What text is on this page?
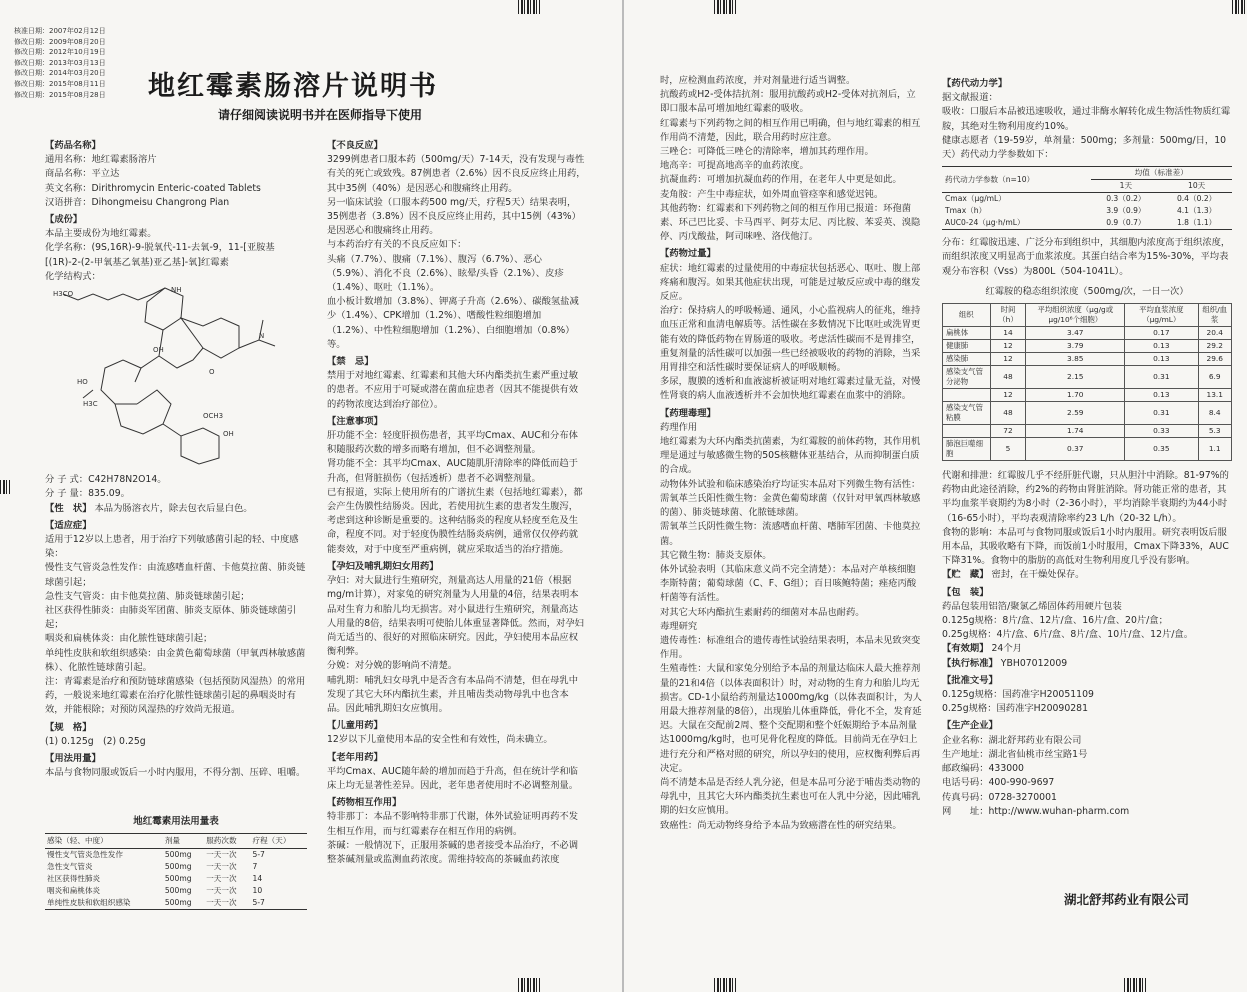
核准日期：2007年02月12日
修改日期：2009年08月20日
修改日期：2012年10月19日
修改日期：2013年03月13日
修改日期：2014年03月20日
修改日期：2015年08月11日
修改日期：2015年08月28日 地红霉素肠溶片说明书
请仔细阅读说明书并在医师指导下使用
【 药品名称 】

通用名称：地红霉素肠溶片

商品名称：平立达

英文名称：Dirithromycin Enteric-coated Tablets

汉语拼音：Dihongmeisu Changrong Pian

【 成份 】

本品主要成份为地红霉素。

化学名称：(9S,16R)-9-脱氧代-11-去氧-9，11-[亚胺基[(1R)-2-(2-甲氧基乙氧基)亚乙基]-氧]红霉素

化学结构式：

H3CO	NH
N
HO
OH
O
OH
H3C
OCH3

分 子 式：C42H78N2O14。

分 子 量：835.09。

【 性　状 】 本品为肠溶衣片，除去包衣后显白色。
【 适应症 】

适用于12岁以上患者，用于治疗下列敏感菌引起的轻、中度感染：

慢性支气管炎急性发作：由流感嗜血杆菌、卡他莫拉菌、肺炎链球菌引起；

急性支气管炎：由卡他莫拉菌、肺炎链球菌引起；

社区获得性肺炎：由肺炎军团菌、肺炎支原体、肺炎链球菌引起；

咽炎和扁桃体炎：由化脓性链球菌引起；

单纯性皮肤和软组织感染：由金黄色葡萄球菌（甲氧西林敏感菌株）、化脓性链球菌引起。

注：青霉素是治疗和预防链球菌感染（包括预防风湿热）的常用药，一般说来地红霉素在治疗化脓性链球菌引起的鼻咽炎时有效，并能根除；对预防风湿热的疗效尚无报道。

【 规　格 】

(1) 0.125g　(2) 0.25g

【 用法用量 】

本品与食物同服或饭后一小时内服用，不得分割、压碎、咀嚼。

地红霉素用法用量表
感染（轻、中度）	剂量	服药次数	疗程（天）
慢性支气管炎急性发作	500mg	一天一次	5-7
急性支气管炎	500mg	一天一次	7
社区获得性肺炎	500mg	一天一次	14
咽炎和扁桃体炎	500mg	一天一次	10
单纯性皮肤和软组织感染	500mg	一天一次	5-7
【 不良反应 】

3299例患者口服本药（500mg/天）7-14天，没有发现与毒性有关的死亡或致残。87例患者（2.6%）因不良反应终止用药，其中35例（40%）是因恶心和腹痛终止用药。

另一临床试验（口服本药500 mg/天，疗程5天）结果表明，35例患者（3.8%）因不良反应终止用药，其中15例（43%）是因恶心和腹痛终止用药。

与本药治疗有关的不良反应如下：

头痛（7.7%）、腹痛（7.1%）、腹泻（6.7%）、恶心（5.9%）、消化不良（2.6%）、眩晕/头昏（2.1%）、皮疹（1.4%）、呕吐（1.1%）。

血小板计数增加（3.8%）、钾离子升高（2.6%）、碳酸氢盐减少（1.4%）、CPK增加（1.2%）、嗜酸性粒细胞增加（1.2%）、中性粒细胞增加（1.2%）、白细胞增加（0.8%）等。

【 禁　忌 】

禁用于对地红霉素、红霉素和其他大环内酯类抗生素严重过敏的患者。不应用于可疑或潜在菌血症患者（因其不能提供有效的药物浓度达到治疗部位）。

【 注意事项 】

肝功能不全：轻度肝损伤患者，其平均Cmax、AUC和分布体积随服药次数的增多而略有增加，但不必调整剂量。

肾功能不全：其平均Cmax、AUC随肌肝清除率的降低而趋于升高，但肾脏损伤（包括透析）患者不必调整剂量。

已有报道，实际上使用所有的广谱抗生素（包括地红霉素），都会产生伪膜性结肠炎。因此，若使用抗生素的患者发生腹泻，考虑到这种诊断是重要的。这种结肠炎的程度从轻度至危及生命，程度不同。对于轻度伪膜性结肠炎病例，通常仅仅停药就能奏效，对于中度至严重病例，就应采取适当的治疗措施。

【 孕妇及哺乳期妇女用药 】

孕妇：对大鼠进行生殖研究，剂量高达人用量的21倍（根据mg/m计算），对家兔的研究剂量为人用量的4倍，结果表明本品对生育力和胎儿均无损害。对小鼠进行生殖研究，剂量高达人用量的8倍，结果表明可使胎儿体重显著降低。然而，对孕妇尚无适当的、很好的对照临床研究。因此，孕妇使用本品应权衡利弊。

分娩：对分娩的影响尚不清楚。

哺乳期：哺乳妇女母乳中是否含有本品尚不清楚，但在母乳中发现了其它大环内酯抗生素，并且哺齿类动物母乳中也含本品。因此哺乳期妇女应慎用。

【 儿童用药 】

12岁以下儿童使用本品的安全性和有效性，尚未确立。

【 老年用药 】

平均Cmax、AUC随年龄的增加而趋于升高，但在统计学和临床上均无显著性差异。因此，老年患者使用时不必调整剂量。

【 药物相互作用 】

特非那丁：本品不影响特非那丁代谢，体外试验证明再药不发生相互作用，而与红霉素存在相互作用的病例。

茶碱：一般情况下，正服用茶碱的患者接受本品治疗，不必调整茶碱剂量或监测血药浓度。需维持较高的茶碱血药浓度

时，应检测血药浓度，并对剂量进行适当调整。

抗酸药或H2-受体拮抗剂：服用抗酸药或H2-受体对抗剂后，立即口服本品可增加地红霉素的吸收。

红霉素与下列药物之间的相互作用已明确，但与地红霉素的相互作用尚不清楚，因此，联合用药时应注意。

三唑仑：可降低三唑仑的清除率，增加其药理作用。

地高辛：可提高地高辛的血药浓度。

抗凝血药：可增加抗凝血药的作用，在老年人中更是如此。

麦角胺：产生中毒症状，如外周血管痉挛和感觉迟钝。

其他药物：红霉素和下列药物之间的相互作用已报道：环孢菌素、环己巴比妥、卡马西平、阿芬太尼、丙比胺、苯妥英、溴隐停、丙戊酸盐，阿司咪唑、洛伐他汀。

【 药物过量 】

症状：地红霉素的过量使用的中毒症状包括恶心、呕吐、腹上部疼痛和腹泻。如果其他症状出现，可能是过敏反应或中毒的继发反应。

治疗：保持病人的呼吸畅通、通风，小心监视病人的征兆，维持血压正常和血清电解质等。活性碳在多数情况下比呕吐或洗胃更能有效的降低药物在胃肠道的吸收。考虑活性碳而不是胃排空，重复剂量的活性碳可以加强一些已经被吸收的药物的消除，当采用胃排空和活性碳时要保证病人的呼吸顺畅。

多尿，腹膜的透析和血液滤析被证明对地红霉素过量无益，对慢性肾衰的病人血液透析并不会加快地红霉素在血浆中的消除。

【 药理毒理 】

药理作用

地红霉素为大环内酯类抗菌素，为红霉胺的前体药物，其作用机理是通过与敏感微生物的50S核糖体亚基结合，从而抑制蛋白质的合成。

动物体外试验和临床感染治疗均证实本品对下列微生物有活性：

需氧革兰氏阳性微生物：金黄色葡萄球菌（仅针对甲氧西林敏感的菌）、肺炎链球菌、化脓链球菌。

需氧革兰氏阴性微生物：流感嗜血杆菌、嗜肺军团菌、卡他莫拉菌。

其它微生物：肺炎支原体。

体外试验表明（其临床意义尚不完全清楚）：本品对产单核细胞李斯特菌；葡萄球菌（C、F、G组）；百日咳鲍特菌；痤疮丙酸杆菌等有活性。

对其它大环内酯抗生素耐药的细菌对本品也耐药。

毒理研究

遗传毒性：标准组合的遗传毒性试验结果表明，本品未见致突变作用。

生殖毒性：大鼠和家兔分别给予本品的剂量达临床人最大推荐剂量的21和4倍（以体表面积计）时，对动物的生育力和胎儿均无损害。CD-1小鼠给药剂量达1000mg/kg（以体表面积计，为人用最大推荐剂量的8倍），出现胎儿体重降低，骨化不全，发育延迟。大鼠在交配前2周、整个交配期和整个妊娠期给予本品剂量达1000mg/kg时，也可见骨化程度的降低。目前尚无在孕妇上进行充分和严格对照的研究，所以孕妇的使用，应权衡利弊后再决定。

尚不清楚本品是否经人乳分泌，但是本品可分泌于哺齿类动物的母乳中，且其它大环内酯类抗生素也可在人乳中分泌，因此哺乳期的妇女应慎用。

致癌性：尚无动物终身给予本品为致癌潜在性的研究结果。

【 药代动力学 】

据文献报道：

吸收：口服后本品被迅速吸收，通过非酶水解转化成生物活性物质红霉胺，其绝对生物利用度约10%。

健康志愿者（19-59岁，单剂量：500mg；多剂量：500mg/日，10天）药代动力学参数如下：

药代动力学参数（n=10）	均值（标准差）	
	1天	10天
Cmax（μg/mL）	0.3（0.2）	0.4（0.2）
Tmax（h）	3.9（0.9）	4.1（1.3）
AUC0-24（μg·h/mL）	0.9（0.7）	1.8（1.1）

分布：红霉胺迅速、广泛分布到组织中，其细胞内浓度高于组织浓度，而组织浓度又明显高于血浆浓度。其蛋白结合率为15%-30%，平均表观分布容积（Vss）为800L（504-1041L）。

红霉胺的稳态组织浓度（500mg/次，一日一次）
组织	时间（h）	平均组织浓度（μg/g或μg/10⁶个细胞）	平均血浆浓度（μg/mL）	组织/血浆
扁桃体	14	3.47	0.17	20.4
健康肺	12	3.79	0.13	29.2
感染肺	12	3.85	0.13	29.6
感染支气管分泌物	48	2.15	0.31	6.9
	12	1.70	0.13	13.1
感染支气管粘膜	48	2.59	0.31	8.4
	72	1.74	0.33	5.3
肺泡巨噬细胞	5	0.37	0.35	1.1

代谢和排泄：红霉胺几乎不经肝脏代谢，只从胆汁中消除。81-97%的药物由此途径消除，约2%的药物由肾脏消除。肾功能正常的患者，其平均血浆半衰期约为8小时（2-36小时），平均消除半衰期约为44小时（16-65小时），平均表观清除率约23 L/h（20-32 L/h）。

食物的影响：本品可与食物同服或饭后1小时内服用。研究表明饭后服用本品，其吸收略有下降，而饭前1小时服用，Cmax下降33%，AUC下降31%。食物中的脂肪的高低对生物利用度几乎没有影响。

【 贮　藏 】 密封，在干燥处保存。
【 包　装 】

药品包装用铝箔/聚氯乙烯固体药用硬片包装

0.125g规格：8片/盒、12片/盒、16片/盒、20片/盒；

0.25g规格：4片/盒、6片/盒、8片/盒、10片/盒、12片/盒。

【 有效期 】 24个月
【 执行标准 】 YBH07012009
【 批准文号 】

0.125g规格：国药准字H20051109

0.25g规格：国药准字H20090281

【 生产企业 】

企业名称：湖北舒邦药业有限公司

生产地址：湖北省仙桃市丝宝路1号

邮政编码：433000

电话号码：400-990-9697

传真号码：0728-3270001

网　　址：http://www.wuhan-pharm.com

湖北舒邦药业有限公司
